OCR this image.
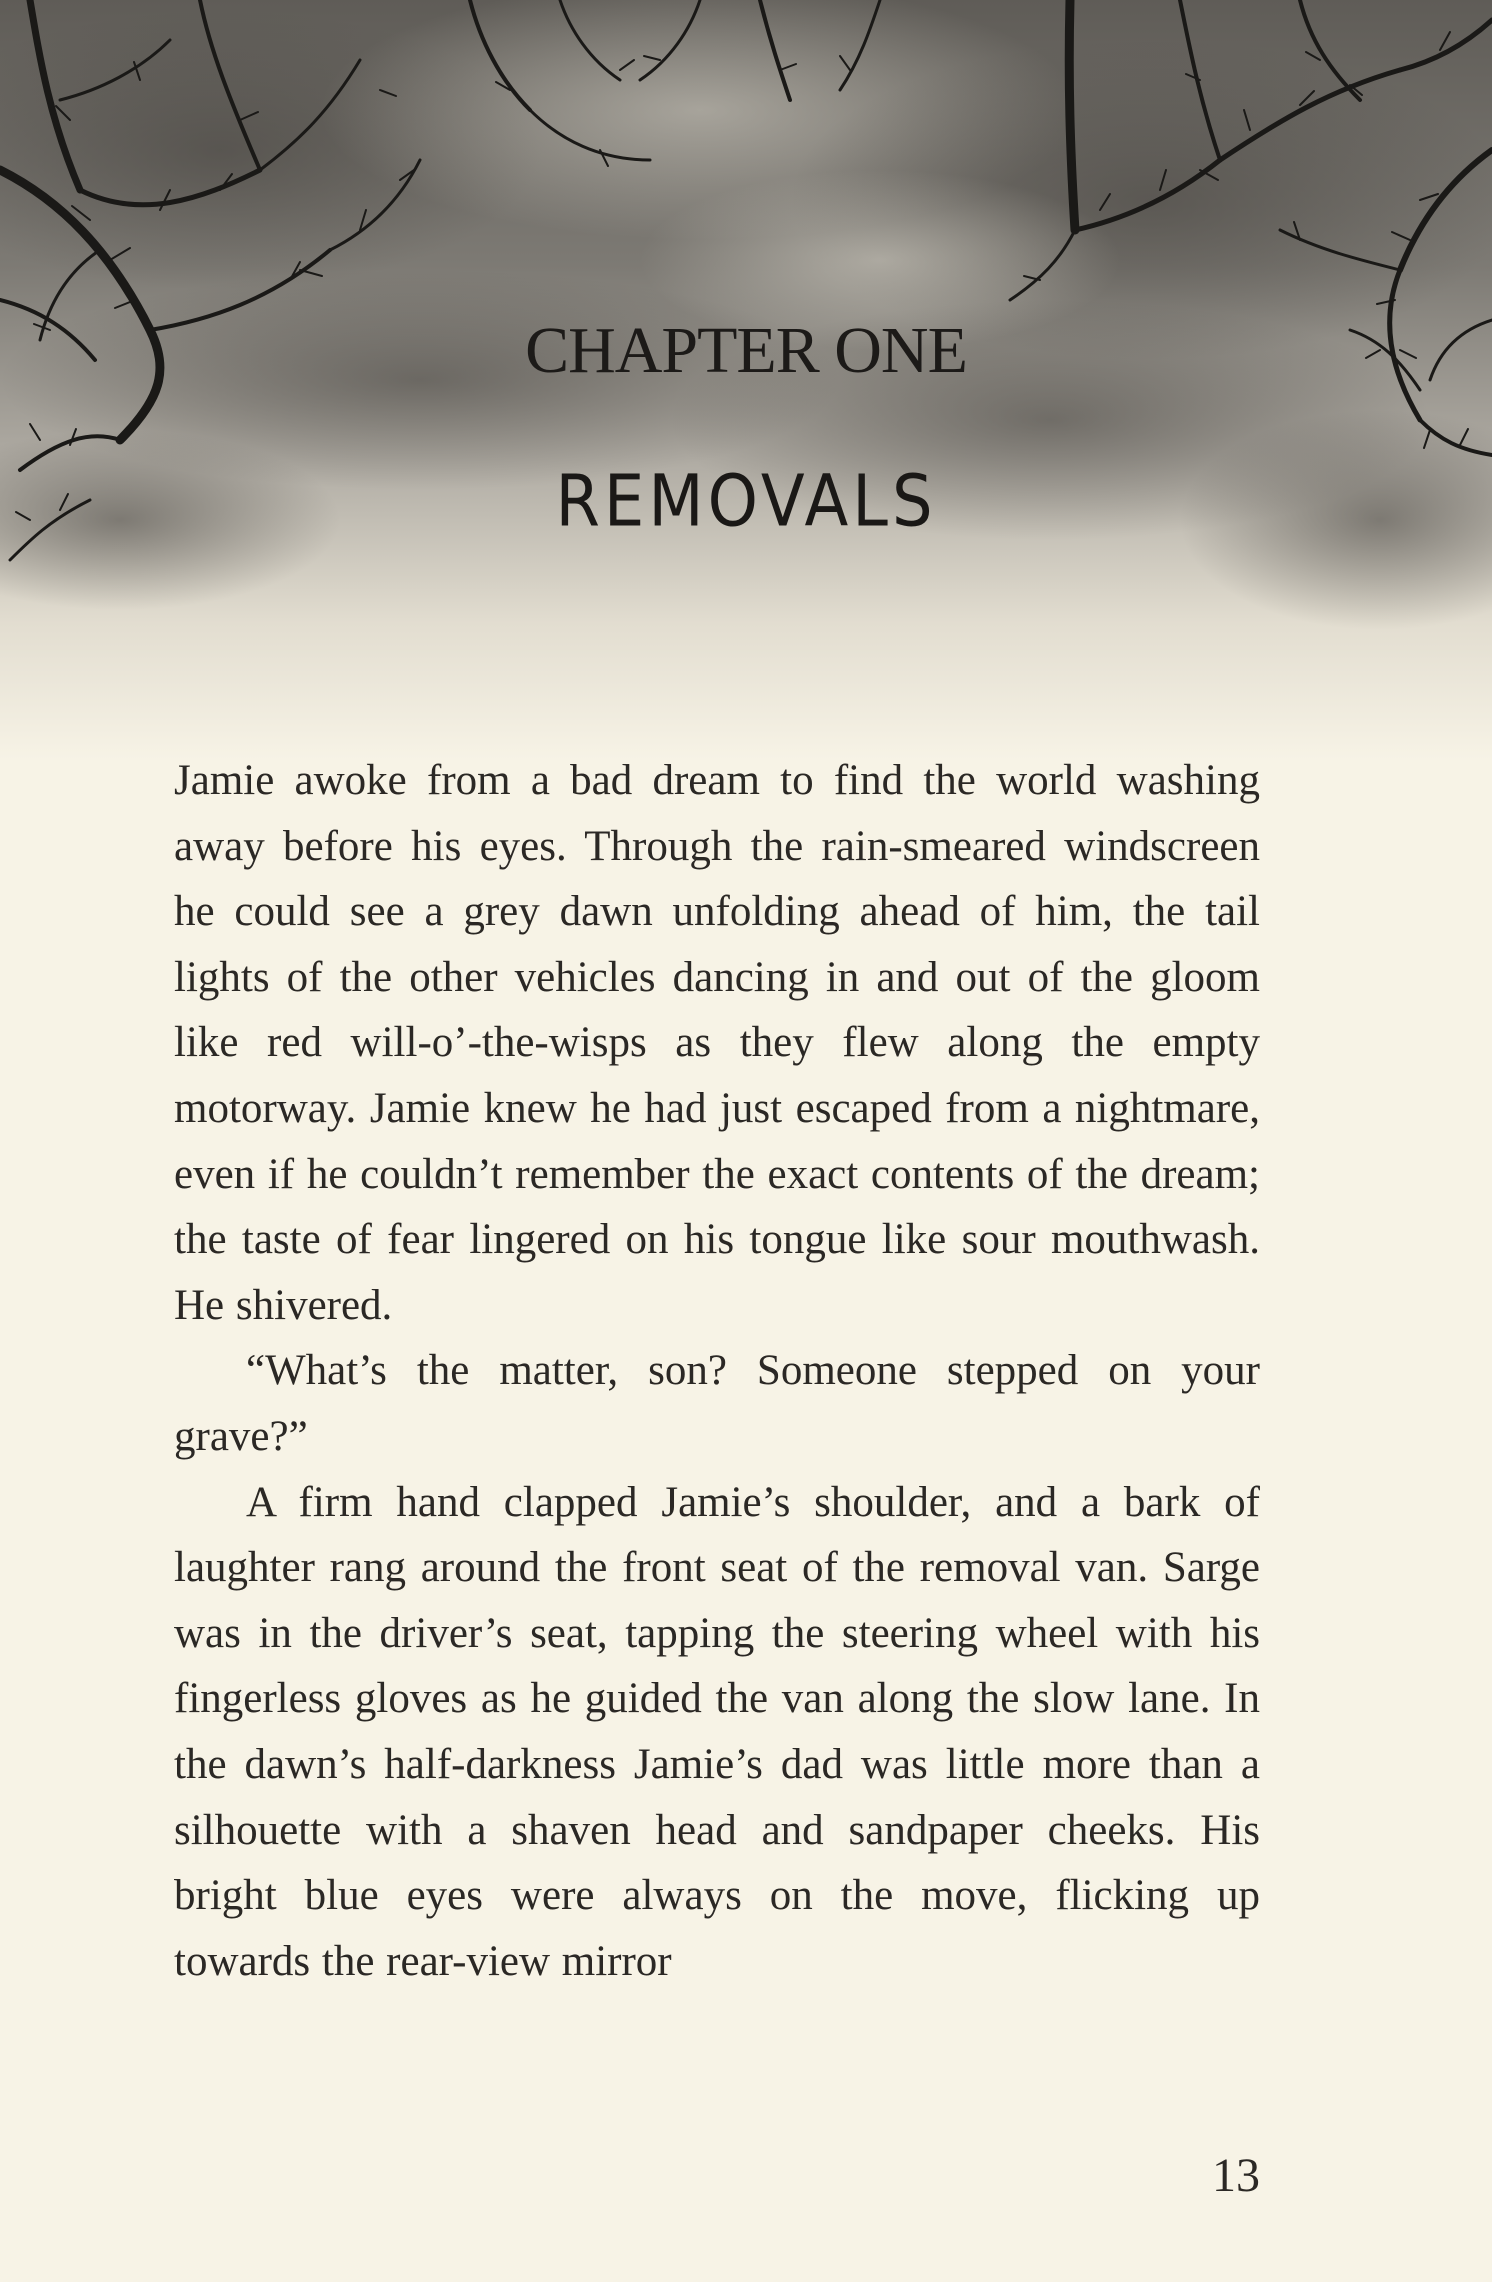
CHAPTER ONE
REMOVALS

Jamie awoke from a bad dream to find the world washing away before his eyes. Through the rain-smeared windscreen he could see a grey dawn unfolding ahead of him, the tail lights of the other vehicles dancing in and out of the gloom like red will-o’-the-wisps as they flew along the empty motorway. Jamie knew he had just escaped from a nightmare, even if he couldn’t remember the exact contents of the dream; the taste of fear lingered on his tongue like sour mouthwash. He shivered.

“What’s the matter, son? Someone stepped on your grave?”

A firm hand clapped Jamie’s shoulder, and a bark of laughter rang around the front seat of the removal van. Sarge was in the driver’s seat, tapping the steering wheel with his fingerless gloves as he guided the van along the slow lane. In the dawn’s half-darkness Jamie’s dad was little more than a silhouette with a shaven head and sandpaper cheeks. His bright blue eyes were always on the move, flicking up towards the rear-view mirror

13
